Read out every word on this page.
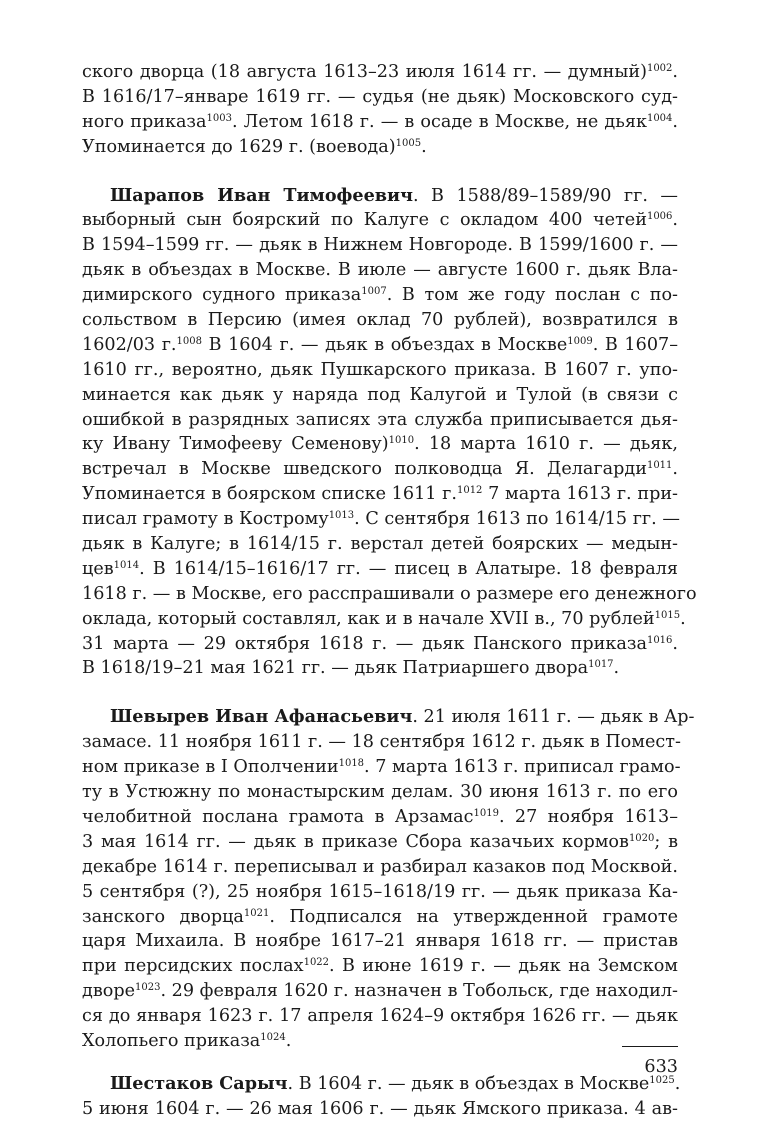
ского дворца (18 августа 1613–23 июля 1614 гг. — думный)$^{1002}$.
В 1616/17–январе 1619 гг. — судья (не дьяк) Московского суд-
ного приказа$^{1003}$. Летом 1618 г. — в осаде в Москве, не дьяк$^{1004}$.
Упоминается до 1629 г. (воевода)$^{1005}$.
Шарапов Иван Тимофеевич. В 1588/89–1589/90 гг. —
выборный сын боярский по Калуге с окладом 400 четей$^{1006}$.
В 1594–1599 гг. — дьяк в Нижнем Новгороде. В 1599/1600 г. —
дьяк в объездах в Москве. В июле — августе 1600 г. дьяк Вла-
димирского судного приказа$^{1007}$. В том же году послан с по-
сольством в Персию (имея оклад 70 рублей), возвратился в
1602/03 г.$^{1008}$ В 1604 г. — дьяк в объездах в Москве$^{1009}$. В 1607–
1610 гг., вероятно, дьяк Пушкарского приказа. В 1607 г. упо-
минается как дьяк у наряда под Калугой и Тулой (в связи с
ошибкой в разрядных записях эта служба приписывается дья-
ку Ивану Тимофееву Семенову)$^{1010}$. 18 марта 1610 г. — дьяк,
встречал в Москве шведского полководца Я. Делагарди$^{1011}$.
Упоминается в боярском списке 1611 г.$^{1012}$ 7 марта 1613 г. при-
писал грамоту в Кострому$^{1013}$. С сентября 1613 по 1614/15 гг. —
дьяк в Калуге; в 1614/15 г. верстал детей боярских — медын-
цев$^{1014}$. В 1614/15–1616/17 гг. — писец в Алатыре. 18 февраля
1618 г. — в Москве, его расспрашивали о размере его денежного
оклада, который составлял, как и в начале XVII в., 70 рублей$^{1015}$.
31 марта — 29 октября 1618 г. — дьяк Панского приказа$^{1016}$.
В 1618/19–21 мая 1621 гг. — дьяк Патриаршего двора$^{1017}$.
Шевырев Иван Афанасьевич. 21 июля 1611 г. — дьяк в Ар-
замасе. 11 ноября 1611 г. — 18 сентября 1612 г. дьяк в Помест-
ном приказе в I Ополчении$^{1018}$. 7 марта 1613 г. приписал грамо-
ту в Устюжну по монастырским делам. 30 июня 1613 г. по его
челобитной послана грамота в Арзамас$^{1019}$. 27 ноября 1613–
3 мая 1614 гг. — дьяк в приказе Сбора казачьих кормов$^{1020}$; в
декабре 1614 г. переписывал и разбирал казаков под Москвой.
5 сентября (?), 25 ноября 1615–1618/19 гг. — дьяк приказа Ка-
занского дворца$^{1021}$. Подписался на утвержденной грамоте
царя Михаила. В ноябре 1617–21 января 1618 гг. — пристав
при персидских послах$^{1022}$. В июне 1619 г. — дьяк на Земском
дворе$^{1023}$. 29 февраля 1620 г. назначен в Тобольск, где находил-
ся до января 1623 г. 17 апреля 1624–9 октября 1626 гг. — дьяк
Холопьего приказа$^{1024}$.
Шестаков Сарыч. В 1604 г. — дьяк в объездах в Москве$^{1025}$.
5 июня 1604 г. — 26 мая 1606 г. — дьяк Ямского приказа. 4 ав-
633
